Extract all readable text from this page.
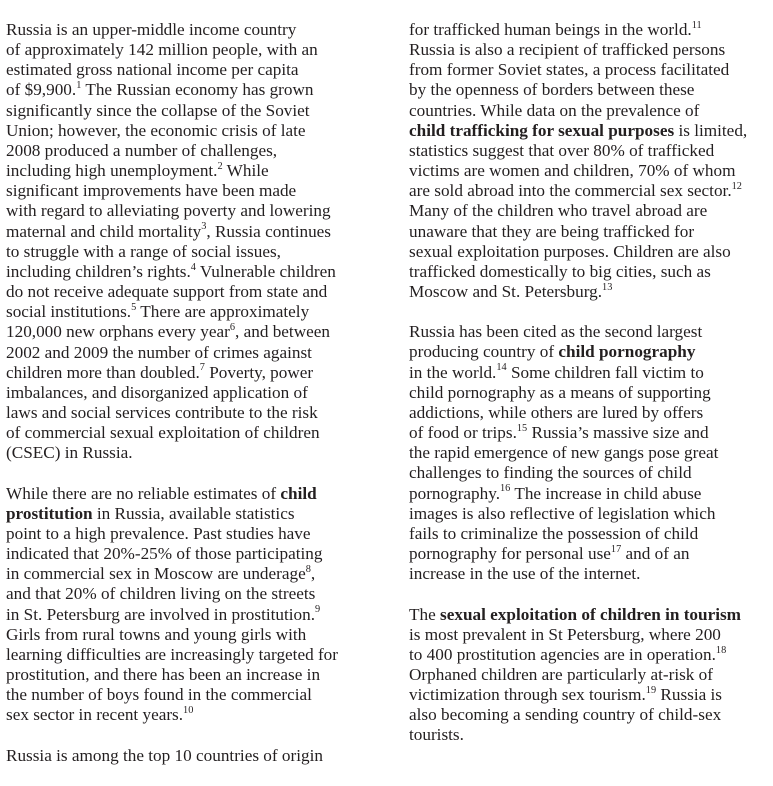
Russia is an upper-middle income country
of approximately 142 million people, with an
estimated gross national income per capita
of $9,900.$^1$ The Russian economy has grown
significantly since the collapse of the Soviet
Union; however, the economic crisis of late
2008 produced a number of challenges,
including high unemployment.$^2$ While
significant improvements have been made
with regard to alleviating poverty and lowering
maternal and child mortality$^3$, Russia continues
to struggle with a range of social issues,
including children’s rights.$^4$ Vulnerable children
do not receive adequate support from state and
social institutions.$^5$ There are approximately
120,000 new orphans every year$^6$, and between
2002 and 2009 the number of crimes against
children more than doubled.$^7$ Poverty, power
imbalances, and disorganized application of
laws and social services contribute to the risk
of commercial sexual exploitation of children
(CSEC) in Russia.

While there are no reliable estimates of child
prostitution in Russia, available statistics
point to a high prevalence. Past studies have
indicated that 20%-25% of those participating
in commercial sex in Moscow are underage$^8$,
and that 20% of children living on the streets
in St. Petersburg are involved in prostitution.$^9$
Girls from rural towns and young girls with
learning difficulties are increasingly targeted for
prostitution, and there has been an increase in
the number of boys found in the commercial
sex sector in recent years.$^{10}$

Russia is among the top 10 countries of origin

for trafficked human beings in the world.$^{11}$
Russia is also a recipient of trafficked persons
from former Soviet states, a process facilitated
by the openness of borders between these
countries. While data on the prevalence of
child trafficking for sexual purposes is limited,
statistics suggest that over 80% of trafficked
victims are women and children, 70% of whom
are sold abroad into the commercial sex sector.$^{12}$
Many of the children who travel abroad are
unaware that they are being trafficked for
sexual exploitation purposes. Children are also
trafficked domestically to big cities, such as
Moscow and St. Petersburg.$^{13}$

Russia has been cited as the second largest
producing country of child pornography
in the world.$^{14}$ Some children fall victim to
child pornography as a means of supporting
addictions, while others are lured by offers
of food or trips.$^{15}$ Russia’s massive size and
the rapid emergence of new gangs pose great
challenges to finding the sources of child
pornography.$^{16}$ The increase in child abuse
images is also reflective of legislation which
fails to criminalize the possession of child
pornography for personal use$^{17}$ and of an
increase in the use of the internet.

The sexual exploitation of children in tourism
is most prevalent in St Petersburg, where 200
to 400 prostitution agencies are in operation.$^{18}$
Orphaned children are particularly at-risk of
victimization through sex tourism.$^{19}$ Russia is
also becoming a sending country of child-sex
tourists.
